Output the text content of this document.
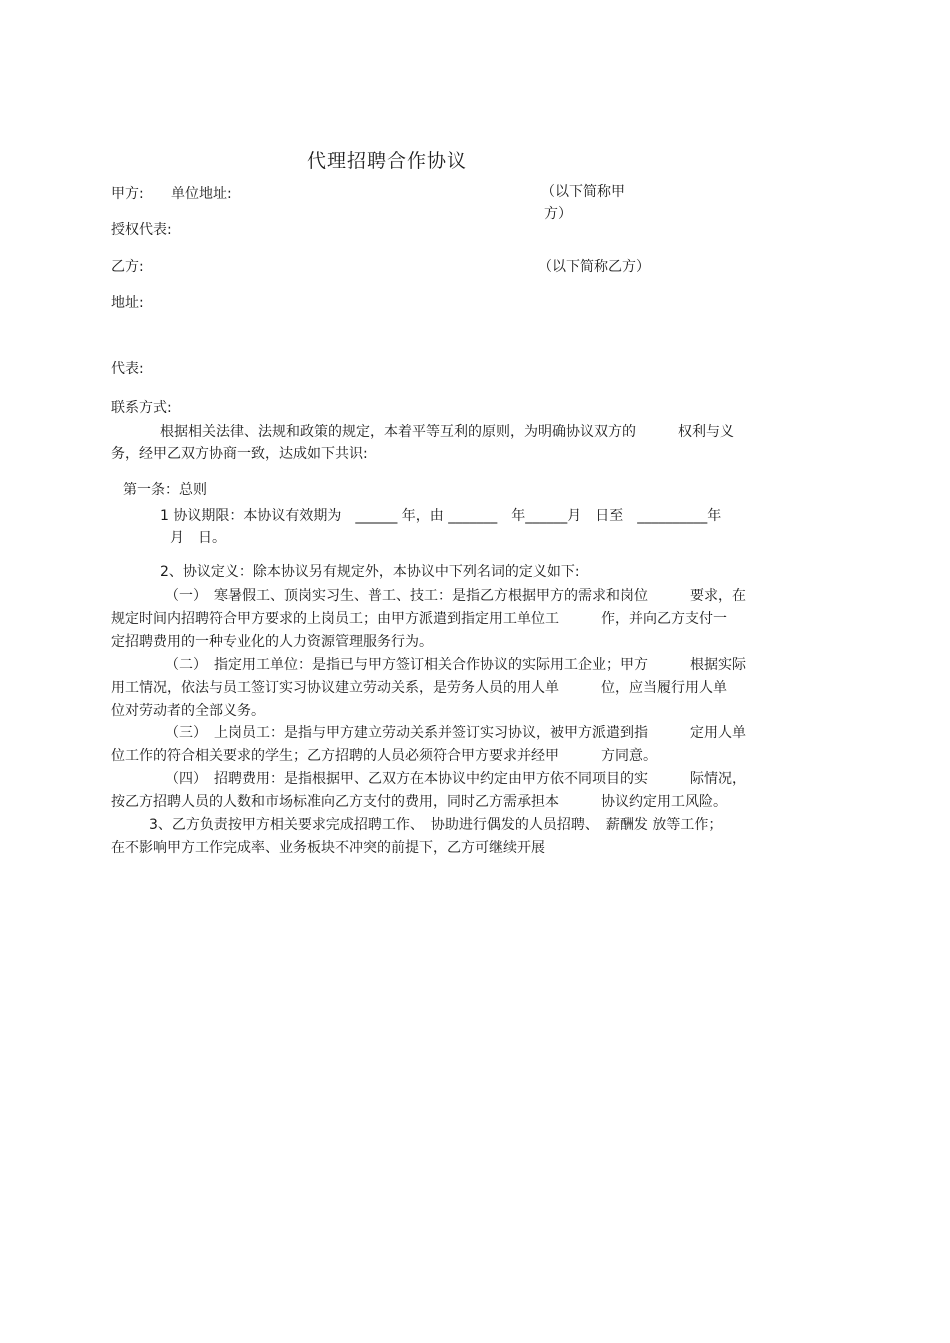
代理招聘合作协议
甲方: 单位地址:	（以下简称甲
方）
授权代表:
乙方:	（以下简称乙方）
地址:
代表:
联系方式:
根据相关法律、法规和政策的规定，本着平等互利的原则，为明确协议双方的　　　权利与义
务，经甲乙双方协商一致，达成如下共识:
第一条：总则
1 协议期限：本协议有效期为　______ 年，由 _______　年______月　日至　__________年
月　日。
2、协议定义：除本协议另有规定外，本协议中下列名词的定义如下:
（一）　寒暑假工、顶岗实习生、普工、技工：是指乙方根据甲方的需求和岗位　　　要求，在
规定时间内招聘符合甲方要求的上岗员工；由甲方派遣到指定用工单位工　　　作，并向乙方支付一
定招聘费用的一种专业化的人力资源管理服务行为。
（二）　指定用工单位：是指已与甲方签订相关合作协议的实际用工企业；甲方　　　根据实际
用工情况，依法与员工签订实习协议建立劳动关系，是劳务人员的用人单　　　位，应当履行用人单
位对劳动者的全部义务。
（三）　上岗员工：是指与甲方建立劳动关系并签订实习协议，被甲方派遣到指　　　定用人单
位工作的符合相关要求的学生；乙方招聘的人员必须符合甲方要求并经甲　　　方同意。
（四）　招聘费用：是指根据甲、乙双方在本协议中约定由甲方依不同项目的实　　　际情况，
按乙方招聘人员的人数和市场标准向乙方支付的费用，同时乙方需承担本　　　协议约定用工风险。
3、乙方负责按甲方相关要求完成招聘工作、　协助进行偶发的人员招聘、　薪酬发 放等工作；
在不影响甲方工作完成率、业务板块不冲突的前提下，乙方可继续开展
